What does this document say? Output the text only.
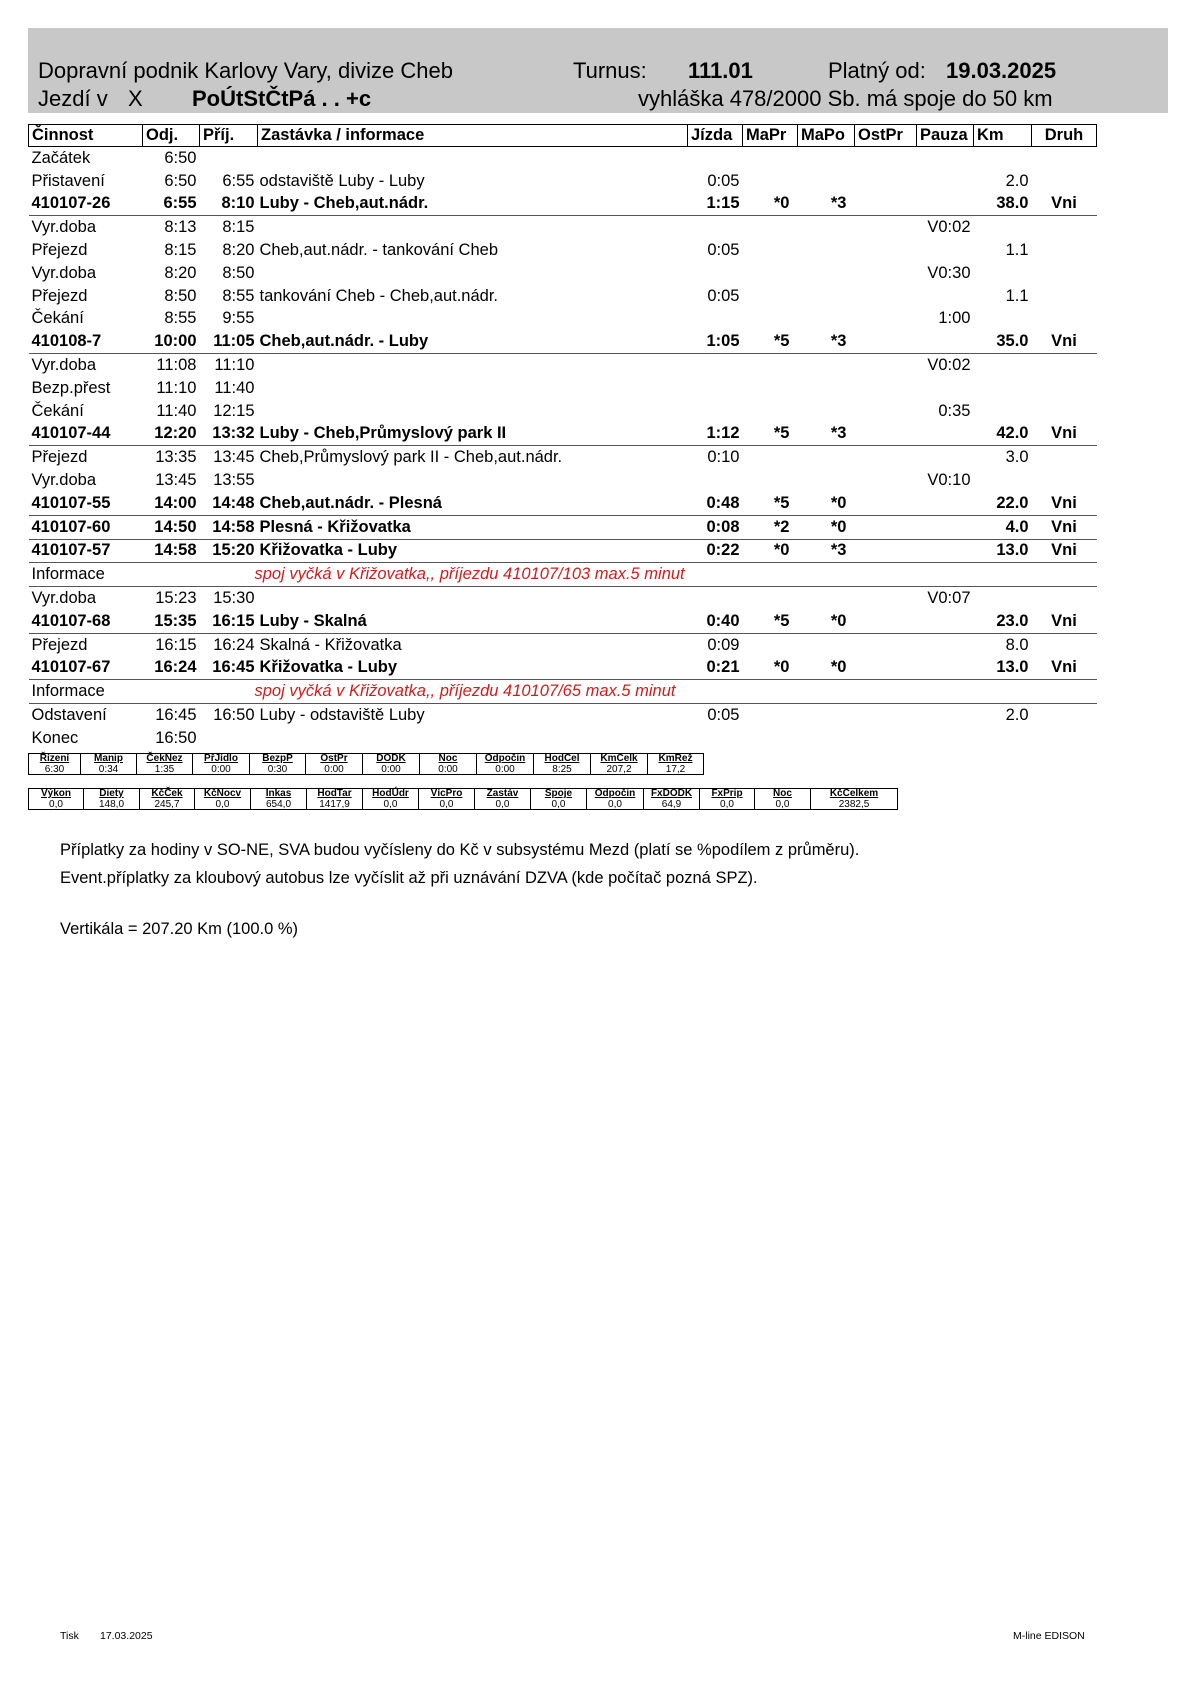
Dopravní podnik Karlovy Vary, divize Cheb	Turnus: 111.01	Platný od: 19.03.2025
Jezdí v X PoÚtStČtPá . . +c	vyhláška 478/2000 Sb. má spoje do 50 km
Činnost	Odj.	Příj.	Zastávka / informace	Jízda	MaPr	MaPo	OstPr	Pauza	Km	Druh
Začátek	6:50									
Přistavení	6:50	6:55	odstaviště Luby - Luby	0:05					2.0	
410107-26	6:55	8:10	Luby - Cheb,aut.nádr.	1:15	*0	*3			38.0	Vni
Vyr.doba	8:13	8:15						V0:02		
Přejezd	8:15	8:20	Cheb,aut.nádr. - tankování Cheb	0:05					1.1	
Vyr.doba	8:20	8:50						V0:30		
Přejezd	8:50	8:55	tankování Cheb - Cheb,aut.nádr.	0:05					1.1	
Čekání	8:55	9:55						1:00		
410108-7	10:00	11:05	Cheb,aut.nádr. - Luby	1:05	*5	*3			35.0	Vni
Vyr.doba	11:08	11:10						V0:02		
Bezp.přest	11:10	11:40								
Čekání	11:40	12:15						0:35		
410107-44	12:20	13:32	Luby - Cheb,Průmyslový park II	1:12	*5	*3			42.0	Vni
Přejezd	13:35	13:45	Cheb,Průmyslový park II - Cheb,aut.nádr.	0:10					3.0	
Vyr.doba	13:45	13:55						V0:10		
410107-55	14:00	14:48	Cheb,aut.nádr. - Plesná	0:48	*5	*0			22.0	Vni
410107-60	14:50	14:58	Plesná - Křižovatka	0:08	*2	*0			4.0	Vni
410107-57	14:58	15:20	Křižovatka - Luby	0:22	*0	*3			13.0	Vni
Informace	spoj vyčká v Křižovatka,, příjezdu 410107/103 max.5 minut									
Vyr.doba	15:23	15:30						V0:07		
410107-68	15:35	16:15	Luby - Skalná	0:40	*5	*0			23.0	Vni
Přejezd	16:15	16:24	Skalná - Křižovatka	0:09					8.0	
410107-67	16:24	16:45	Křižovatka - Luby	0:21	*0	*0			13.0	Vni
Informace	spoj vyčká v Křižovatka,, příjezdu 410107/65 max.5 minut									
Odstavení	16:45	16:50	Luby - odstaviště Luby	0:05					2.0	
Konec	16:50									
Řízení	Manip	ČekNez	PřJídlo	BezpP	OstPr	DODK	Noc	Odpočin	HodCel	KmCelk	KmRež
6:30	0:34	1:35	0:00	0:30	0:00	0:00	0:00	0:00	8:25	207,2	17,2
Výkon	Diety	KčČek	KčNocv	Inkas	HodTar	HodÚdr	VícPro	Zastáv	Spoje	Odpočin	FxDODK	FxPrip	Noc	KčCelkem
0,0	148,0	245,7	0,0	654,0	1417,9	0,0	0,0	0,0	0,0	0,0	64,9	0,0	0,0	2382,5
Příplatky za hodiny v SO-NE, SVA budou vyčísleny do Kč v subsystému Mezd (platí se %podílem z průměru).
Event.příplatky za kloubový autobus lze vyčíslit až při uznávání DZVA (kde počítač pozná SPZ).
Vertikála = 207.20 Km (100.0 %)
Tisk 17.03.2025	M-line EDISON
